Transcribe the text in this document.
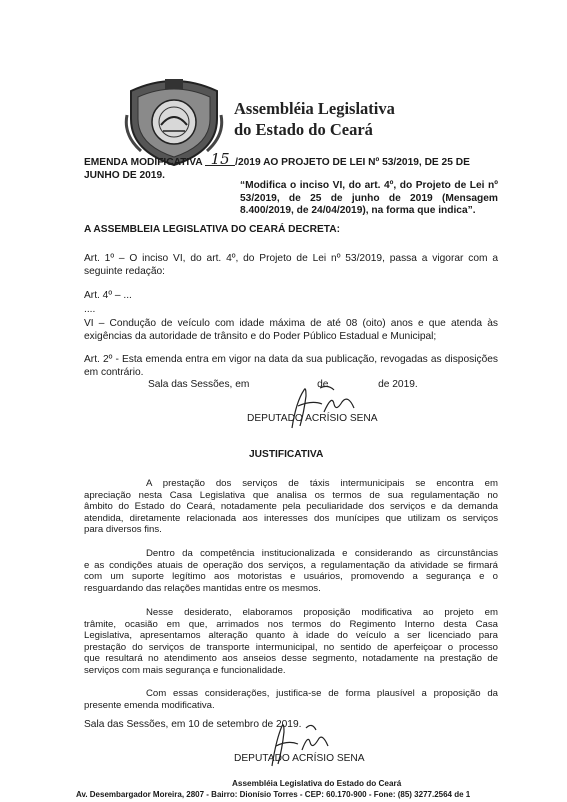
Assembléia Legislativa
do Estado do Ceará
EMENDA MODIFICATIVA 15 /2019 AO PROJETO DE LEI Nº 53/2019, DE 25 DE
JUNHO DE 2019.
“Modifica o inciso VI, do art. 4º, do Projeto de Lei nº
53/2019, de 25 de junho de 2019 (Mensagem
8.400/2019, de 24/04/2019), na forma que indica”.
A ASSEMBLEIA LEGISLATIVA DO CEARÁ DECRETA:
Art. 1º – O inciso VI, do art. 4º, do Projeto de Lei nº 53/2019, passa a vigorar com a
seguinte redação:
Art. 4º – ...
....
VI – Condução de veículo com idade máxima de até 08 (oito) anos e que atenda às
exigências da autoridade de trânsito e do Poder Público Estadual e Municipal;
Art. 2º - Esta emenda entra em vigor na data da sua publicação, revogadas as disposições
em contrário.
Sala das Sessões, em	de	de 2019.
DEPUTADO ACRÍSIO SENA
JUSTIFICATIVA
A prestação dos serviços de táxis intermunicipais se encontra em
apreciação nesta Casa Legislativa que analisa os termos de sua regulamentação no
âmbito do Estado do Ceará, notadamente pela peculiaridade dos serviços e da demanda
atendida, diretamente relacionada aos interesses dos munícipes que utilizam os serviços
para diversos fins.
Dentro da competência institucionalizada e considerando as circunstâncias
e as condições atuais de operação dos serviços, a regulamentação da atividade se firmará
com um suporte legítimo aos motoristas e usuários, promovendo a segurança e o
resguardando das relações mantidas entre os mesmos.
Nesse desiderato, elaboramos proposição modificativa ao projeto em
trâmite, ocasião em que, arrimados nos termos do Regimento Interno desta Casa
Legislativa, apresentamos alteração quanto à idade do veículo a ser licenciado para
prestação do serviços de transporte intermunicipal, no sentido de aperfeiçoar o processo
que resultará no atendimento aos anseios desse segmento, notadamente na prestação de
serviços com mais segurança e funcionalidade.
Com essas considerações, justifica-se de forma plausível a proposição da
presente emenda modificativa.
Sala das Sessões, em 10 de setembro de 2019.
DEPUTADO ACRÍSIO SENA
Assembléia Legislativa do Estado do Ceará
Av. Desembargador Moreira, 2807 - Bairro: Dionísio Torres - CEP: 60.170-900 - Fone: (85) 3277.2564 de 1
